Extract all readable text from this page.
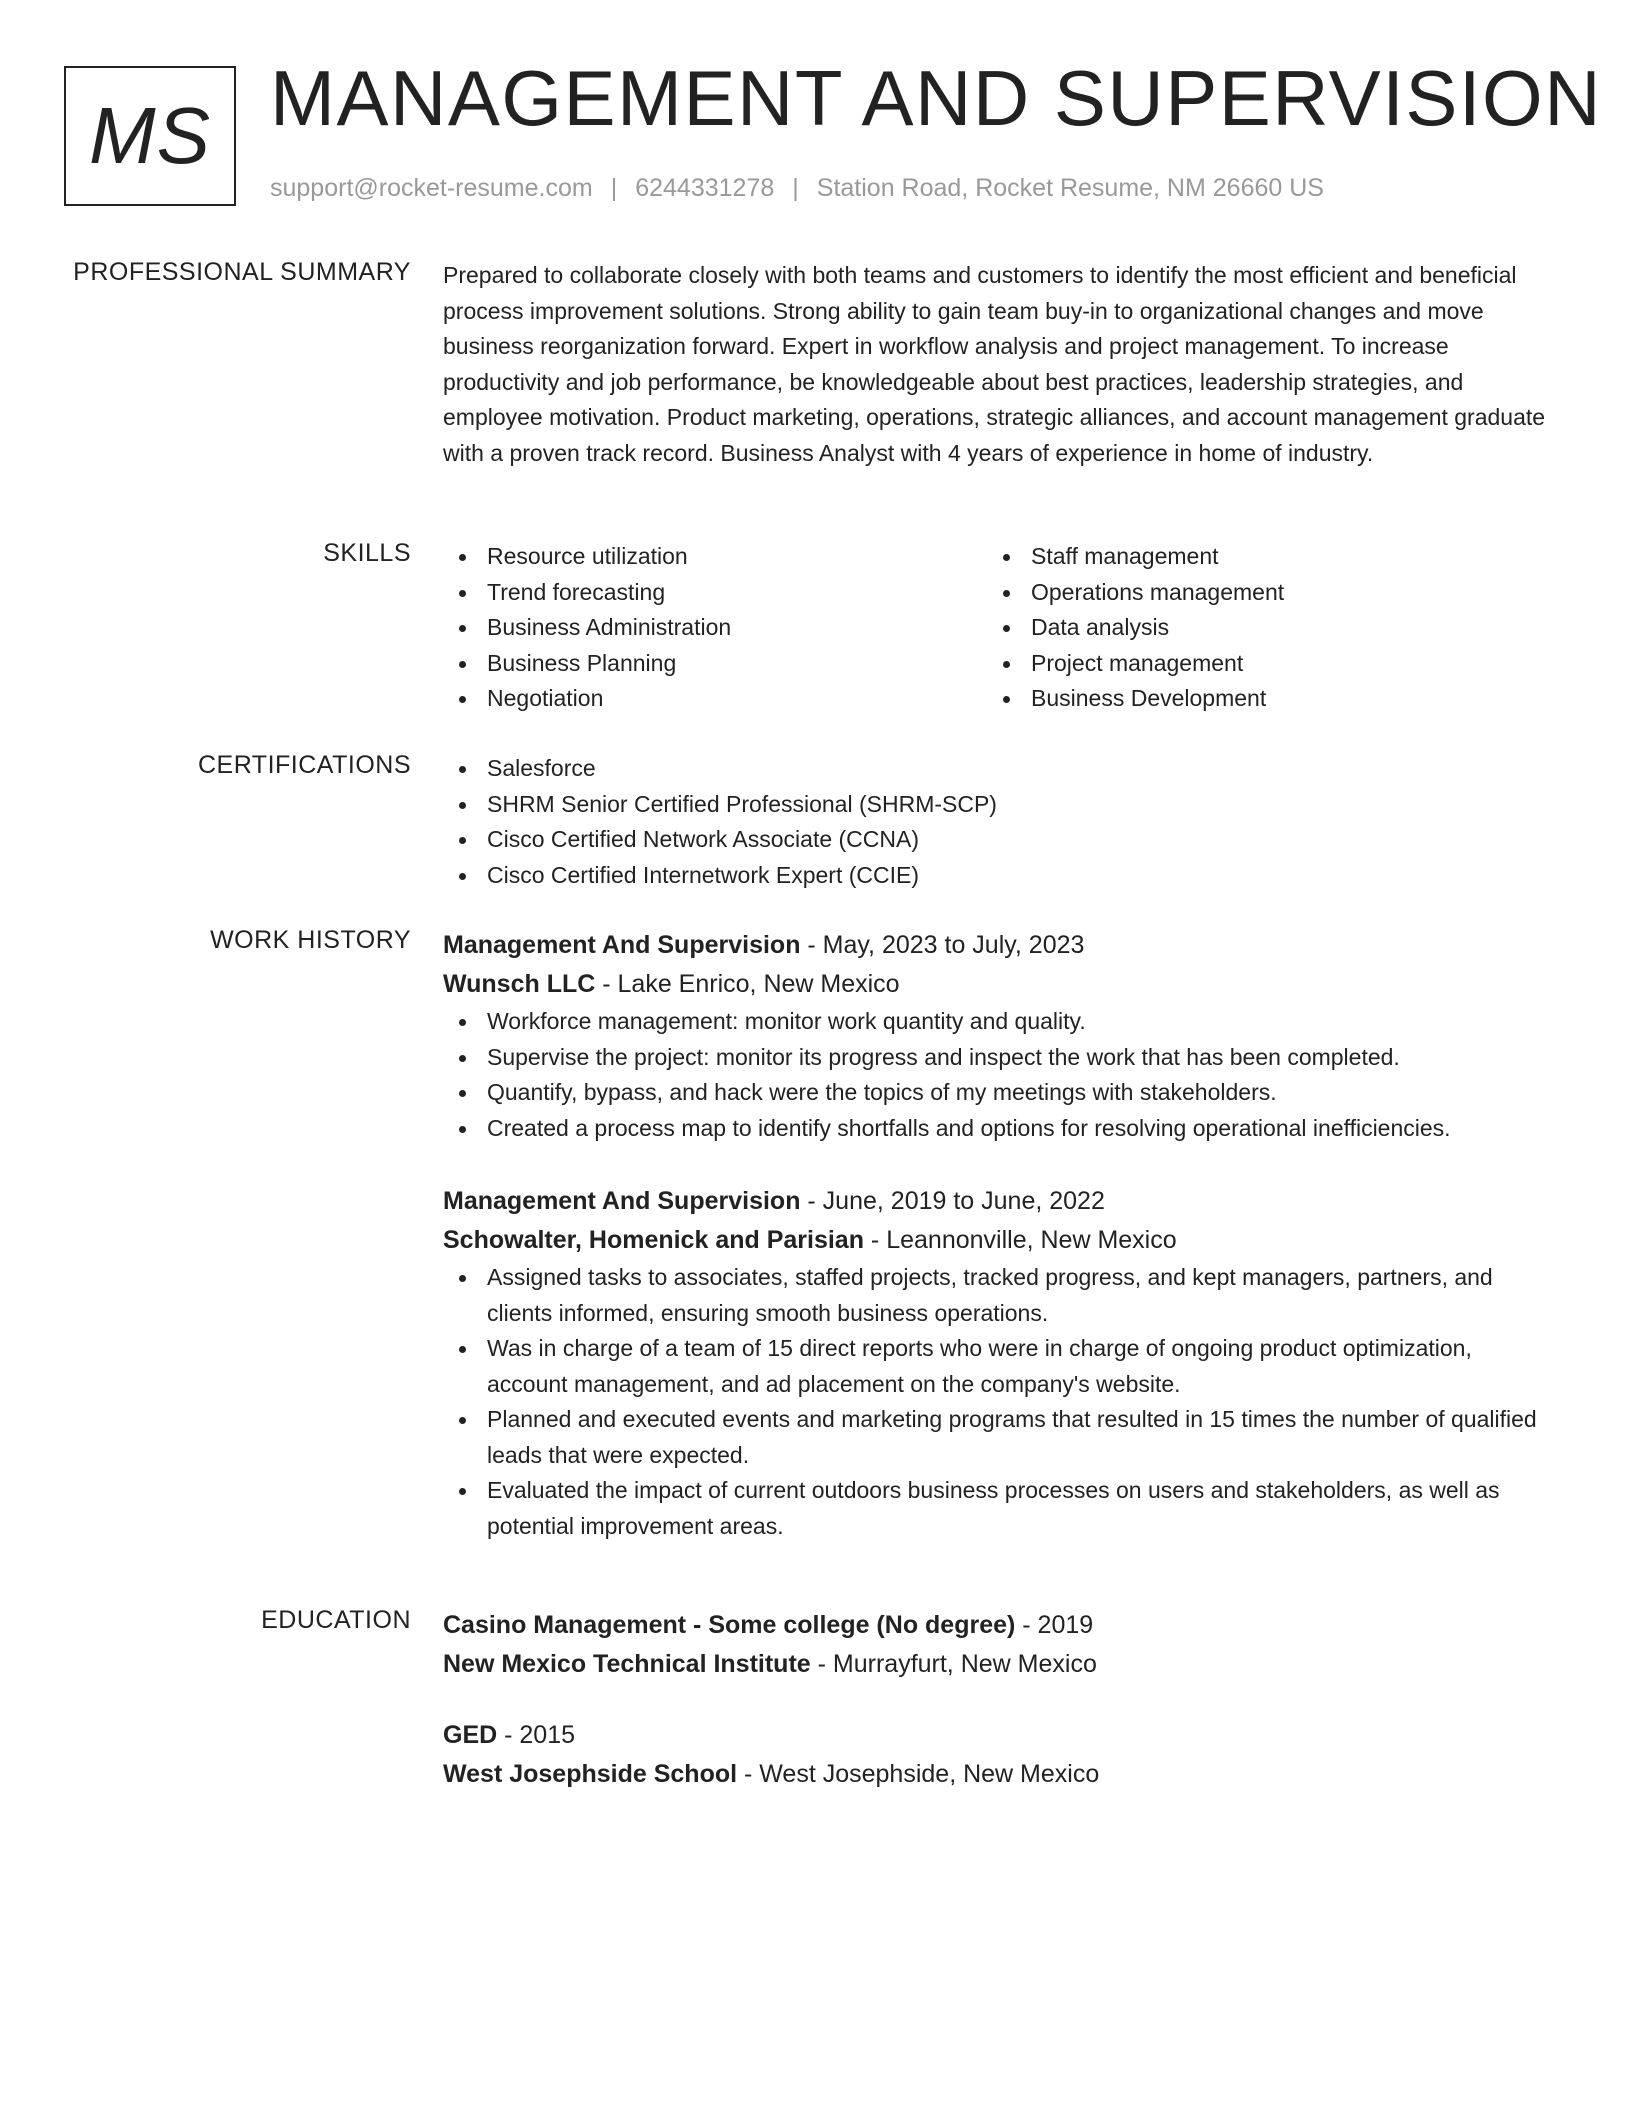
MS MANAGEMENT AND SUPERVISION
support@rocket-resume.com | 6244331278 | Station Road, Rocket Resume, NM 26660 US
PROFESSIONAL SUMMARY Prepared to collaborate closely with both teams and customers to identify the most efficient and beneficial process improvement solutions. Strong ability to gain team buy-in to organizational changes and move business reorganization forward. Expert in workflow analysis and project management. To increase productivity and job performance, be knowledgeable about best practices, leadership strategies, and employee motivation. Product marketing, operations, strategic alliances, and account management graduate with a proven track record. Business Analyst with 4 years of experience in home of industry.

SKILLS	Resource utilization
Trend forecasting
Business Administration
Business Planning
Negotiation
Staff management
Operations management
Data analysis
Project management
Business Development
CERTIFICATIONS	Salesforce
SHRM Senior Certified Professional (SHRM-SCP)
Cisco Certified Network Associate (CCNA)
Cisco Certified Internetwork Expert (CCIE)
WORK HISTORY Management And Supervision - May, 2023 to July, 2023
Wunsch LLC - Lake Enrico, New Mexico
Workforce management: monitor work quantity and quality.
Supervise the project: monitor its progress and inspect the work that has been completed.
Quantify, bypass, and hack were the topics of my meetings with stakeholders.
Created a process map to identify shortfalls and options for resolving operational inefficiencies.
Management And Supervision - June, 2019 to June, 2022
Schowalter, Homenick and Parisian - Leannonville, New Mexico
Assigned tasks to associates, staffed projects, tracked progress, and kept managers, partners, and clients informed, ensuring smooth business operations.
Was in charge of a team of 15 direct reports who were in charge of ongoing product optimization, account management, and ad placement on the company's website.
Planned and executed events and marketing programs that resulted in 15 times the number of qualified leads that were expected.
Evaluated the impact of current outdoors business processes on users and stakeholders, as well as potential improvement areas.
EDUCATION Casino Management - Some college (No degree) - 2019
New Mexico Technical Institute - Murrayfurt, New Mexico
GED - 2015
West Josephside School - West Josephside, New Mexico
